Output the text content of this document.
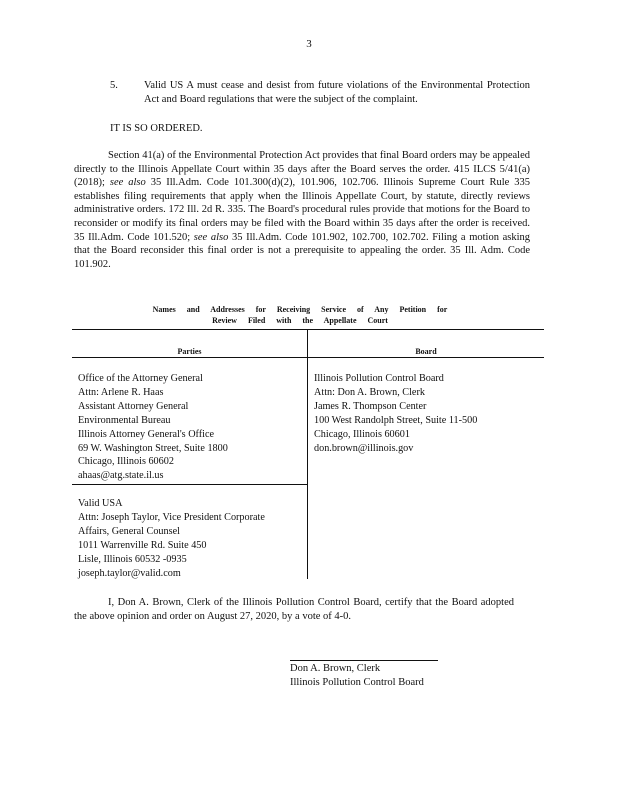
3
5. Valid US A must cease and desist from future violations of the Environmental Protection Act and Board regulations that were the subject of the complaint.
IT IS SO ORDERED.
Section 41(a) of the Environmental Protection Act provides that final Board orders may be appealed directly to the Illinois Appellate Court within 35 days after the Board serves the order. 415 ILCS 5/41(a) (2018); see also 35 Ill.Adm. Code 101.300(d)(2), 101.906, 102.706. Illinois Supreme Court Rule 335 establishes filing requirements that apply when the Illinois Appellate Court, by statute, directly reviews administrative orders. 172 Ill. 2d R. 335. The Board's procedural rules provide that motions for the Board to reconsider or modify its final orders may be filed with the Board within 35 days after the order is received. 35 Ill.Adm. Code 101.520; see also 35 Ill.Adm. Code 101.902, 102.700, 102.702. Filing a motion asking that the Board reconsider this final order is not a prerequisite to appealing the order. 35 Ill. Adm. Code 101.902.
Names and Addresses for Receiving Service of Any Petition for Review Filed with the Appellate Court
Parties	Board
Office of the Attorney General
Attn: Arlene R. Haas
Assistant Attorney General
Environmental Bureau
Illinois Attorney General's Office
69 W. Washington Street, Suite 1800
Chicago, Illinois 60602
ahaas@atg.state.il.us
Valid USA
Attn: Joseph Taylor, Vice President Corporate
Affairs, General Counsel
1011 Warrenville Rd. Suite 450
Lisle, Illinois 60532 -0935
joseph.taylor@valid.com
Illinois Pollution Control Board
Attn: Don A. Brown, Clerk
James R. Thompson Center
100 West Randolph Street, Suite 11-500
Chicago, Illinois 60601
don.brown@illinois.gov
I, Don A. Brown, Clerk of the Illinois Pollution Control Board, certify that the Board adopted the above opinion and order on August 27, 2020, by a vote of 4-0.
Don A. Brown, Clerk
Illinois Pollution Control Board
